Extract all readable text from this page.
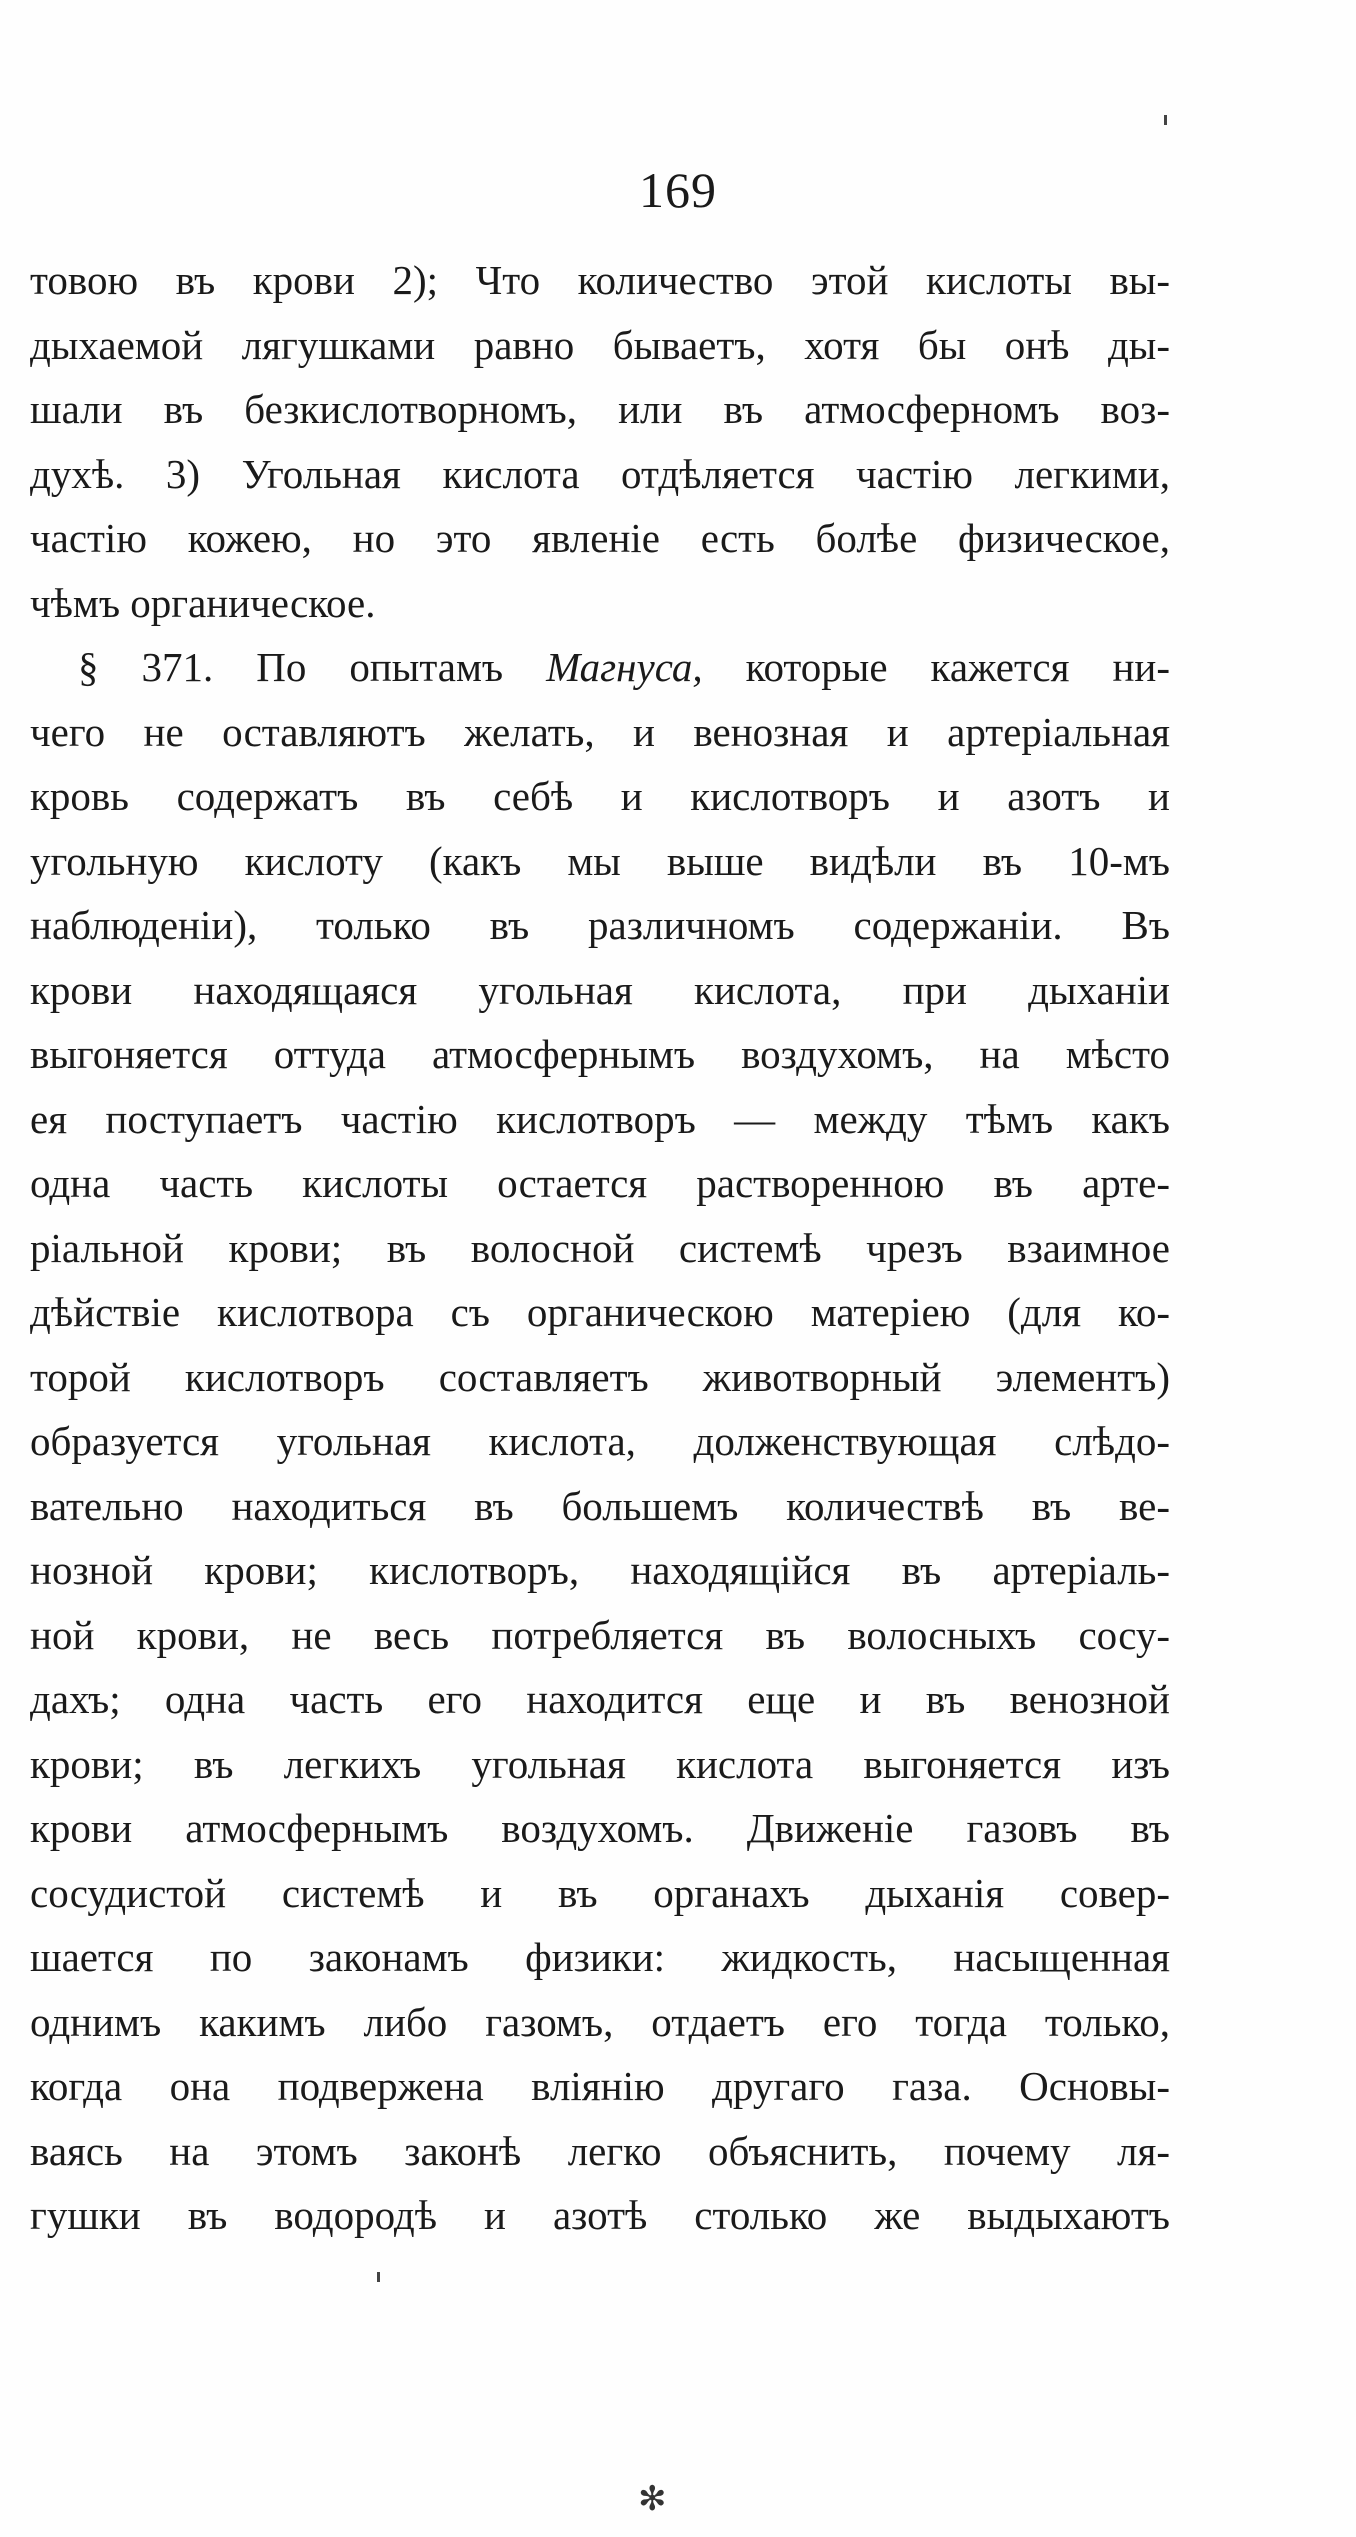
169
товою въ крови 2); Что количество этой кислоты вы-
дыхаемой лягушками равно бываетъ, хотя бы онѣ ды-
шали въ безкислотворномъ, или въ атмосферномъ воз-
духѣ. 3) Угольная кислота отдѣляется частію легкими,
частію кожею, но это явленіе есть болѣе физическое,
чѣмъ органическое.
§ 371. По опытамъ Магнуса, которые кажется ни-
чего не оставляютъ желать, и венозная и артеріальная
кровь содержатъ въ себѣ и кислотворъ и азотъ и
угольную кислоту (какъ мы выше видѣли въ 10-мъ
наблюденіи), только въ различномъ содержаніи. Въ
крови находящаяся угольная кислота, при дыханіи
выгоняется оттуда атмосфернымъ воздухомъ, на мѣсто
ея поступаетъ частію кислотворъ — между тѣмъ какъ
одна часть кислоты остается растворенною въ арте-
ріальной крови; въ волосной системѣ чрезъ взаимное
дѣйствіе кислотвора съ органическою матеріею (для ко-
торой кислотворъ составляетъ животворный элементъ)
образуется угольная кислота, долженствующая слѣдо-
вательно находиться въ большемъ количествѣ въ ве-
нозной крови; кислотворъ, находящійся въ артеріаль-
ной крови, не весь потребляется въ волосныхъ сосу-
дахъ; одна часть его находится еще и въ венозной
крови; въ легкихъ угольная кислота выгоняется изъ
крови атмосфернымъ воздухомъ. Движеніе газовъ въ
сосудистой системѣ и въ органахъ дыханія совер-
шается по законамъ физики: жидкость, насыщенная
однимъ какимъ либо газомъ, отдаетъ его тогда только,
когда она подвержена вліянію другаго газа. Основы-
ваясь на этомъ законѣ легко объяснить, почему ля-
гушки въ водородѣ и азотѣ столько же выдыхаютъ
✻
